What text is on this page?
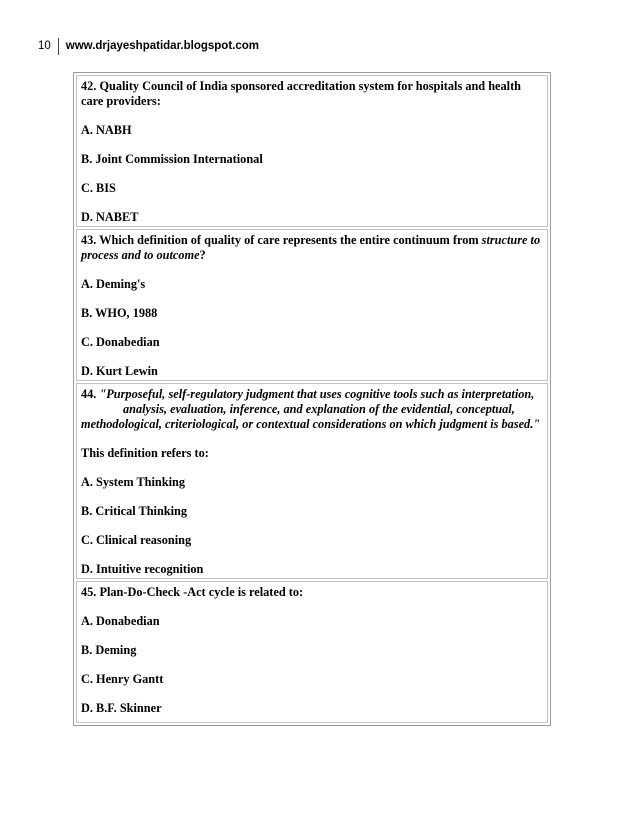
10	www.drjayeshpatidar.blogspot.com
42. Quality Council of India sponsored accreditation system for hospitals and health care providers:
A. NABH
B. Joint Commission International
C. BIS
D. NABET
43. Which definition of quality of care represents the entire continuum from structure to process and to outcome?
A. Deming's
B. WHO, 1988
C. Donabedian
D. Kurt Lewin
44. "Purposeful, self-regulatory judgment that uses cognitive tools such as interpretation,
analysis, evaluation, inference, and explanation of the evidential, conceptual,
methodological, criteriological, or contextual considerations on which judgment is based."
This definition refers to:
A. System Thinking
B. Critical Thinking
C. Clinical reasoning
D. Intuitive recognition
45. Plan-Do-Check -Act cycle is related to:
A. Donabedian
B. Deming
C. Henry Gantt
D. B.F. Skinner
